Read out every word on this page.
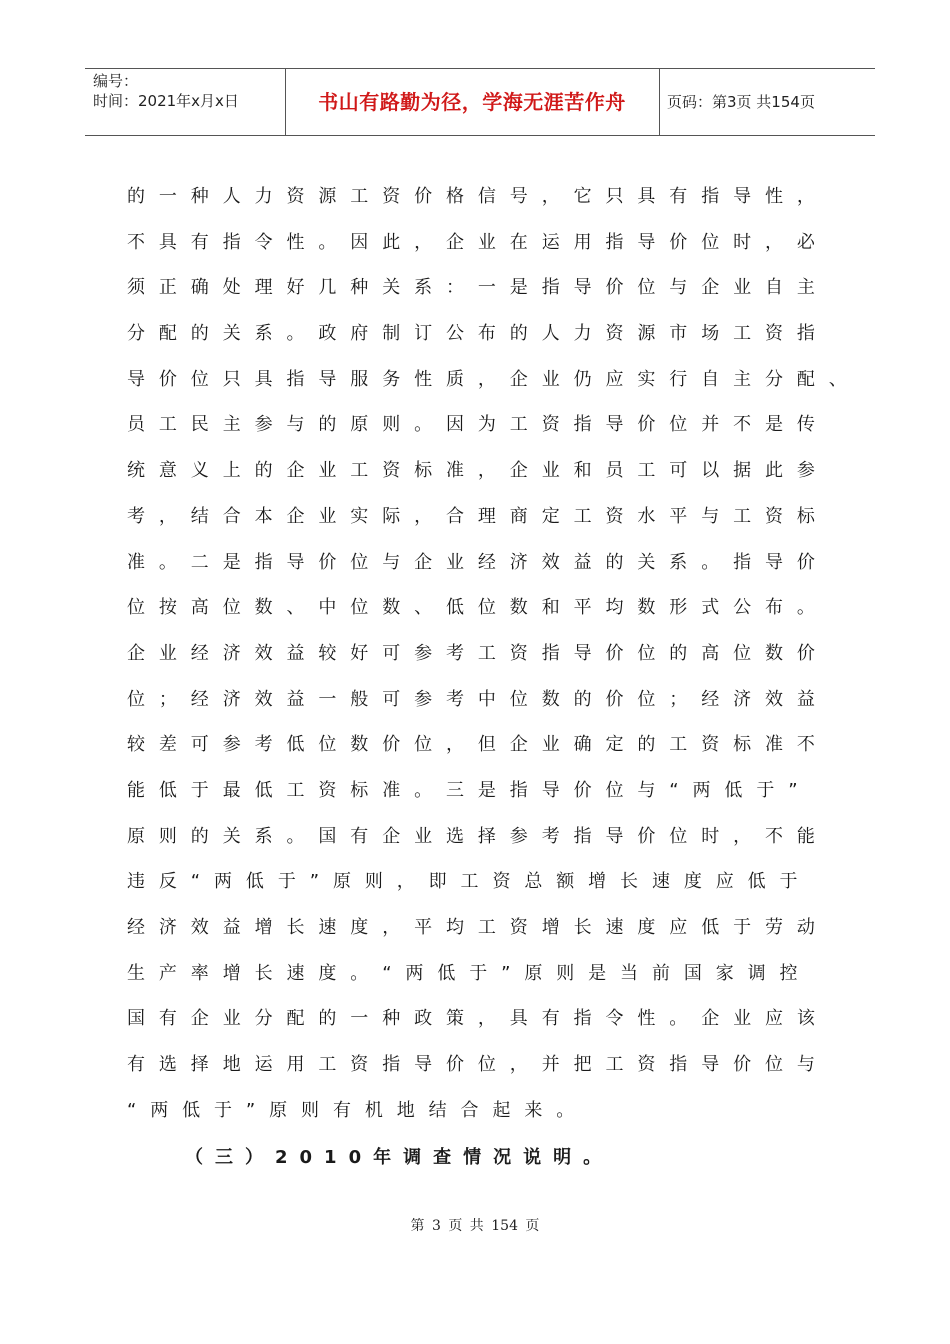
编号：
时间：2021年x月x日	书山有路勤为径，学海无涯苦作舟	页码：第3页 共154页
的一种人力资源工资价格信号，它只具有指导性，
不具有指令性。因此，企业在运用指导价位时，必
须正确处理好几种关系：一是指导价位与企业自主
分配的关系。政府制订公布的人力资源市场工资指
导价位只具指导服务性质，企业仍应实行自主分配、
员工民主参与的原则。因为工资指导价位并不是传
统意义上的企业工资标准，企业和员工可以据此参
考，结合本企业实际，合理商定工资水平与工资标
准。二是指导价位与企业经济效益的关系。指导价
位按高位数、中位数、低位数和平均数形式公布。
企业经济效益较好可参考工资指导价位的高位数价
位；经济效益一般可参考中位数的价位；经济效益
较差可参考低位数价位，但企业确定的工资标准不
能低于最低工资标准。三是指导价位与“两低于”
原则的关系。国有企业选择参考指导价位时，不能
违反“两低于”原则，即工资总额增长速度应低于
经济效益增长速度，平均工资增长速度应低于劳动
生产率增长速度。“两低于”原则是当前国家调控
国有企业分配的一种政策，具有指令性。企业应该
有选择地运用工资指导价位，并把工资指导价位与
“两低于”原则有机地结合起来。
（三）2010年调查情况说明。
第 3 页 共 154 页
